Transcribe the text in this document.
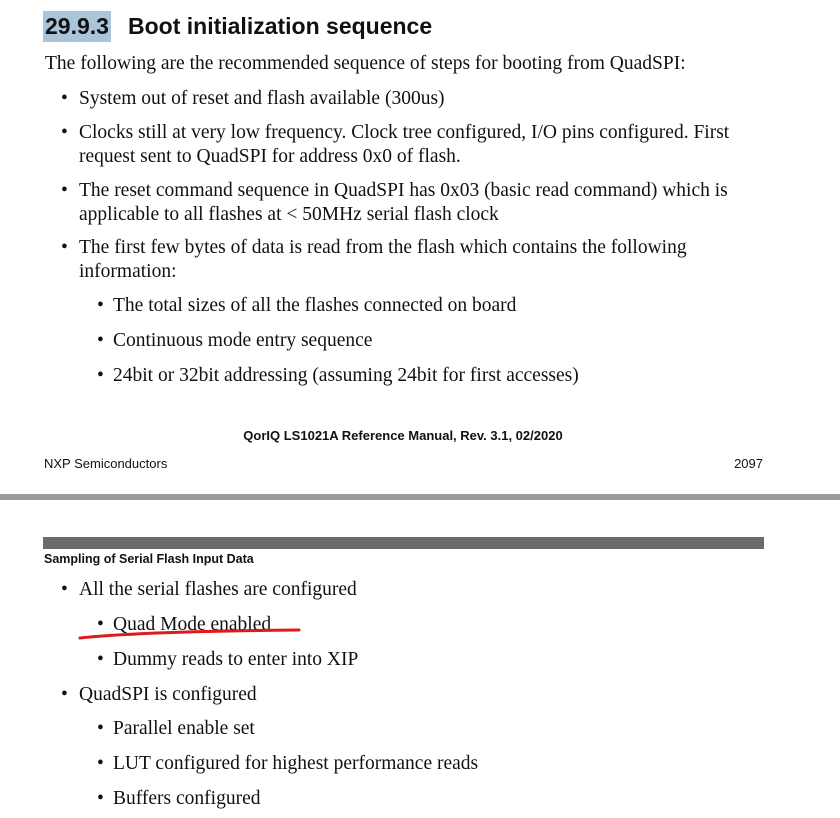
29.9.3 Boot initialization sequence
The following are the recommended sequence of steps for booting from QuadSPI:
• System out of reset and flash available (300us)
• Clocks still at very low frequency. Clock tree configured, I/O pins configured. First
request sent to QuadSPI for address 0x0 of flash.
• The reset command sequence in QuadSPI has 0x03 (basic read command) which is
applicable to all flashes at < 50MHz serial flash clock
• The first few bytes of data is read from the flash which contains the following
information:
• The total sizes of all the flashes connected on board
• Continuous mode entry sequence
• 24bit or 32bit addressing (assuming 24bit for first accesses)
QorIQ LS1021A Reference Manual, Rev. 3.1, 02/2020
NXP Semiconductors	2097
Sampling of Serial Flash Input Data
• All the serial flashes are configured
• Quad Mode enabled
• Dummy reads to enter into XIP
• QuadSPI is configured
• Parallel enable set
• LUT configured for highest performance reads
• Buffers configured
